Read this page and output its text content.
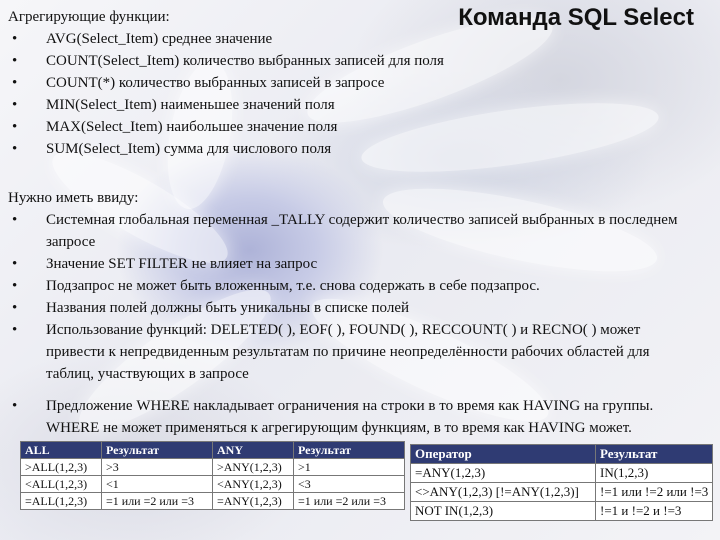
Команда SQL Select
Агрегирующие функции:
• AVG(Select_Item) среднее значение
• COUNT(Select_Item) количество выбранных записей для поля
• COUNT(*) количество выбранных записей в запросе
• MIN(Select_Item) наименьшее значений поля
• MAX(Select_Item) наибольшее значение поля
• SUM(Select_Item) сумма для числового поля
Нужно иметь ввиду:
• Системная глобальная переменная _TALLY содержит количество записей выбранных в последнем запросе
• Значение SET FILTER не влияет на запрос
• Подзапрос не может быть вложенным, т.е. снова содержать в себе подзапрос.
• Названия полей должны быть уникальны в списке полей
• Использование функций: DELETED( ), EOF( ), FOUND( ), RECCOUNT( ) и RECNO( ) может привести к непредвиденным результатам по причине неопределённости рабочих областей для таблиц, участвующих в запросе
• Предложение WHERE накладывает ограничения на строки в то время как HAVING на группы. WHERE не может применяться к агрегирующим функциям, в то время как HAVING может.
ALL	Результат	ANY	Результат
>ALL(1,2,3)	>3	>ANY(1,2,3)	>1
<ALL(1,2,3)	<1	<ANY(1,2,3)	<3
=ALL(1,2,3)	=1 или =2 или =3	=ANY(1,2,3)	=1 или =2 или =3
Оператор	Результат
=ANY(1,2,3)	IN(1,2,3)
<>ANY(1,2,3) [!=ANY(1,2,3)]	!=1 или !=2 или !=3
NOT IN(1,2,3)	!=1 и !=2 и !=3
